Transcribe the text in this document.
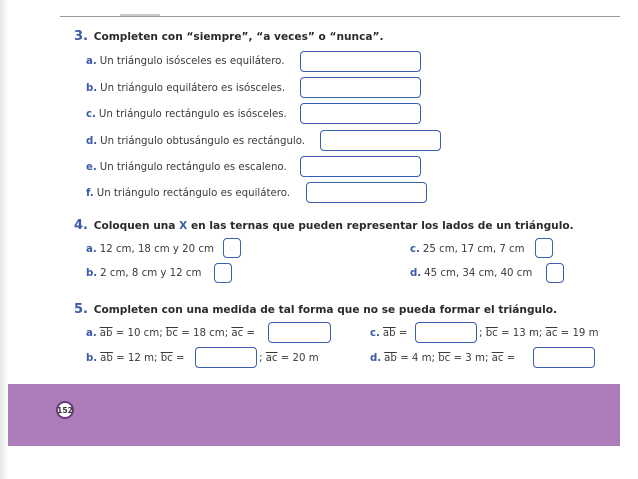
3. Completen con “siempre”, “a veces” o “nunca”.
a. Un triángulo isósceles es equilátero.
b. Un triángulo equilátero es isósceles.
c. Un triángulo rectángulo es isósceles.
d. Un triángulo obtusángulo es rectángulo.
e. Un triángulo rectángulo es escaleno.
f. Un triángulo rectángulo es equilátero.
4. Coloquen una X en las ternas que pueden representar los lados de un triángulo.
a. 12 cm, 18 cm y 20 cm
b. 2 cm, 8 cm y 12 cm
c. 25 cm, 17 cm, 7 cm
d. 45 cm, 34 cm, 40 cm
5. Completen con una medida de tal forma que no se pueda formar el triángulo.
a. $\overline{ab} = 10$ cm; $\overline{bc} = 18$ cm; $\overline{ac}$ =
b. $\overline{ab} = 12$ m; $\overline{bc}$ =	; $\overline{ac} = 20$ m
c. $\overline{ab}$ =	; $\overline{bc} = 13$ m; $\overline{ac} = 19$ m
d. $\overline{ab} = 4$ m; $\overline{bc} = 3$ m; $\overline{ac}$ =
152
